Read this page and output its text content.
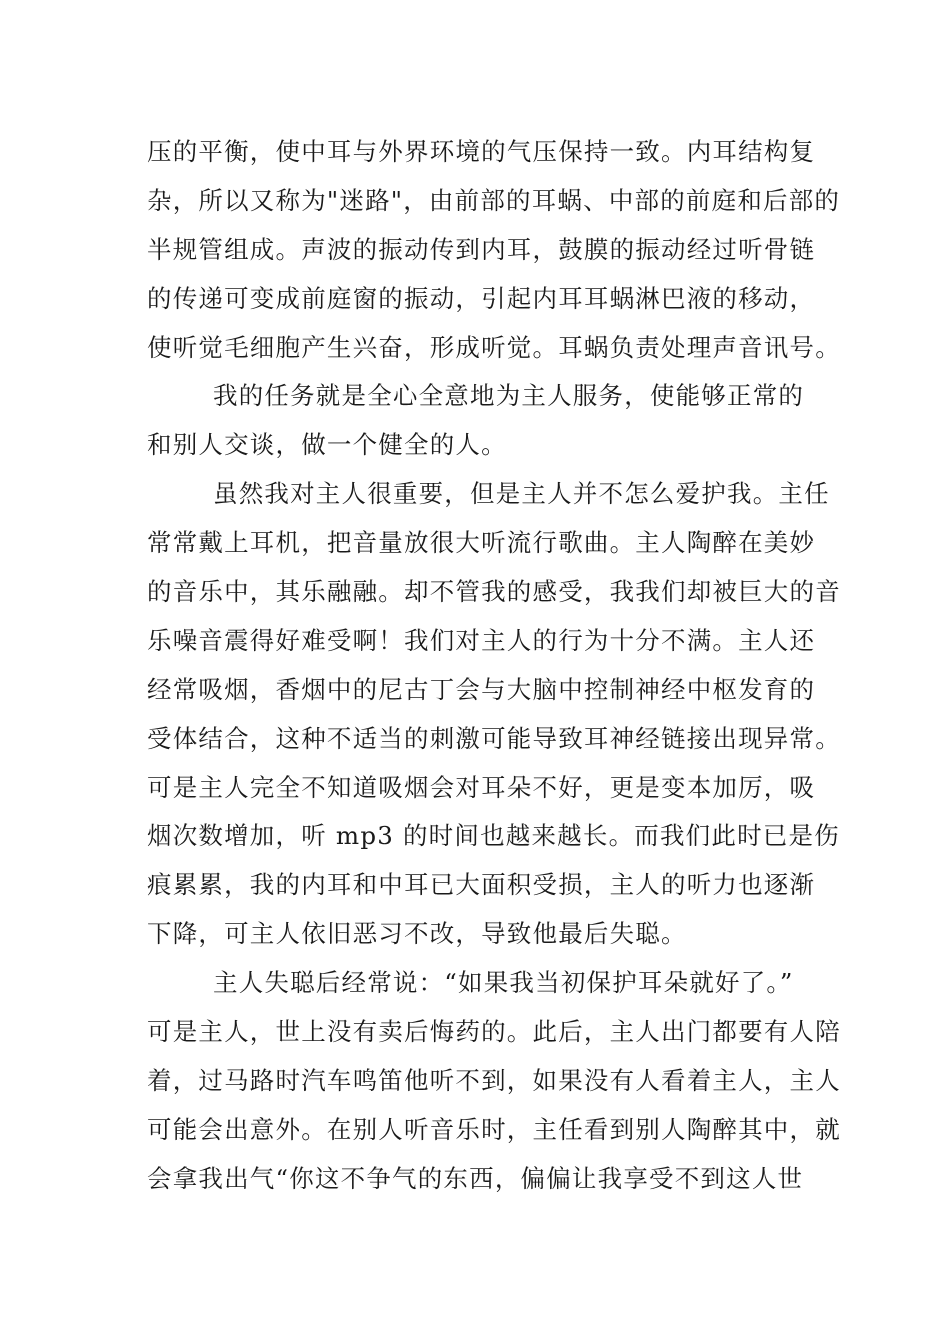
压的平衡，使中耳与外界环境的气压保持一致。内耳结构复
杂，所以又称为"迷路"，由前部的耳蜗、中部的前庭和后部的
半规管组成。声波的振动传到内耳，鼓膜的振动经过听骨链
的传递可变成前庭窗的振动，引起内耳耳蜗淋巴液的移动，
使听觉毛细胞产生兴奋，形成听觉。耳蜗负责处理声音讯号。
我的任务就是全心全意地为主人服务，使能够正常的
和别人交谈，做一个健全的人。
虽然我对主人很重要，但是主人并不怎么爱护我。主任
常常戴上耳机，把音量放很大听流行歌曲。主人陶醉在美妙
的音乐中，其乐融融。却不管我的感受，我我们却被巨大的音
乐噪音震得好难受啊！我们对主人的行为十分不满。主人还
经常吸烟，香烟中的尼古丁会与大脑中控制神经中枢发育的
受体结合，这种不适当的刺激可能导致耳神经链接出现异常。
可是主人完全不知道吸烟会对耳朵不好，更是变本加厉，吸
烟次数增加，听 mp3 的时间也越来越长。而我们此时已是伤
痕累累，我的内耳和中耳已大面积受损，主人的听力也逐渐
下降，可主人依旧恶习不改，导致他最后失聪。
主人失聪后经常说：“如果我当初保护耳朵就好了。”
可是主人，世上没有卖后悔药的。此后，主人出门都要有人陪
着，过马路时汽车鸣笛他听不到，如果没有人看着主人，主人
可能会出意外。在别人听音乐时，主任看到别人陶醉其中，就
会拿我出气“你这不争气的东西，偏偏让我享受不到这人世
